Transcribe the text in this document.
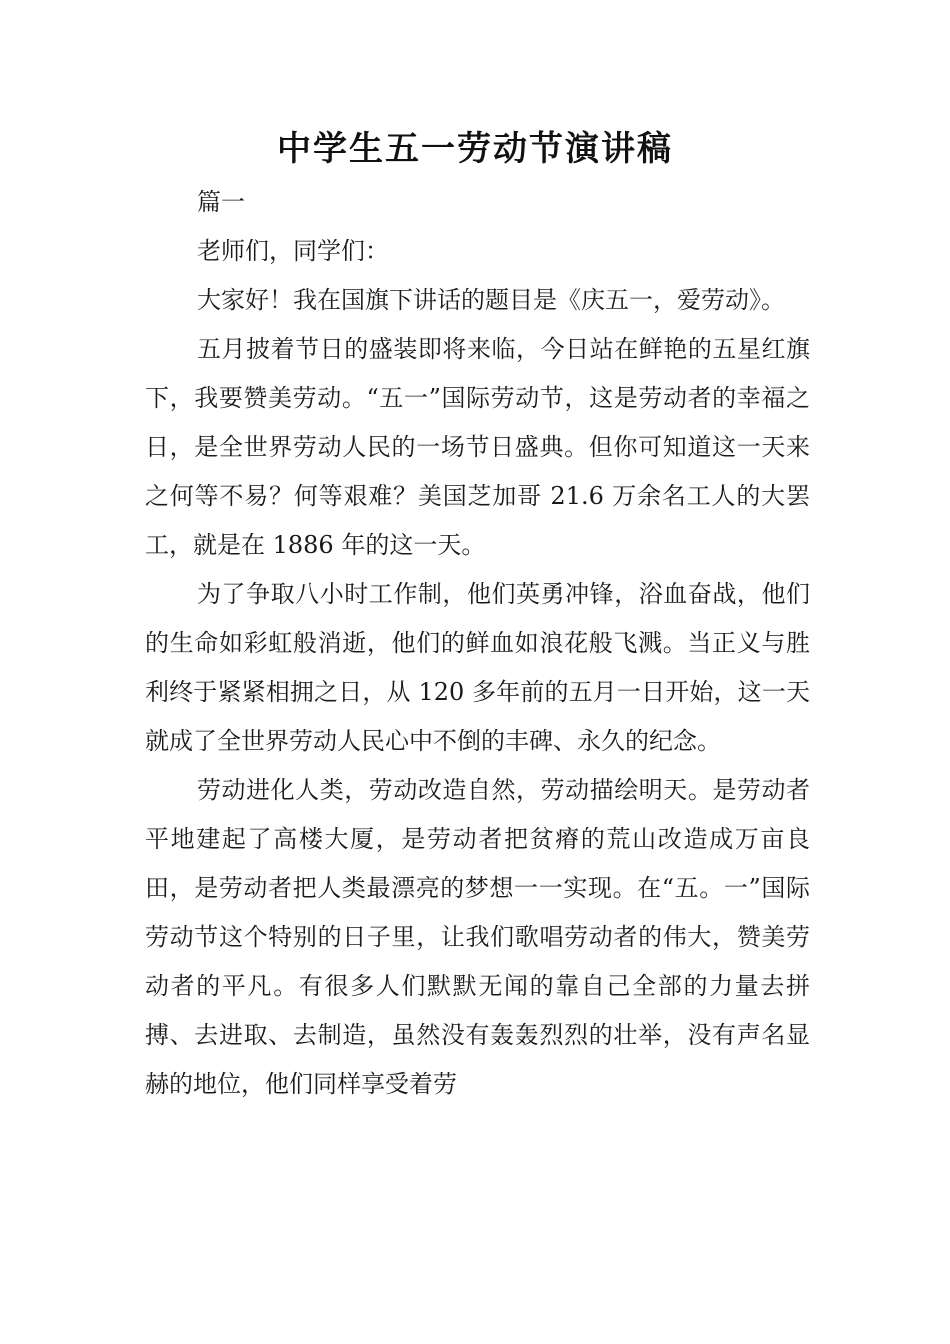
中学生五一劳动节演讲稿

篇一

老师们，同学们：

大家好！我在国旗下讲话的题目是《庆五一，爱劳动》。

五月披着节日的盛装即将来临，今日站在鲜艳的五星红旗下，我要赞美劳动。“五一”国际劳动节，这是劳动者的幸福之日，是全世界劳动人民的一场节日盛典。但你可知道这一天来之何等不易？何等艰难？美国芝加哥 21.6 万余名工人的大罢工，就是在 1886 年的这一天。

为了争取八小时工作制，他们英勇冲锋，浴血奋战，他们的生命如彩虹般消逝，他们的鲜血如浪花般飞溅。当正义与胜利终于紧紧相拥之日，从 120 多年前的五月一日开始，这一天就成了全世界劳动人民心中不倒的丰碑、永久的纪念。

劳动进化人类，劳动改造自然，劳动描绘明天。是劳动者平地建起了高楼大厦，是劳动者把贫瘠的荒山改造成万亩良田，是劳动者把人类最漂亮的梦想一一实现。在“五。一”国际劳动节这个特别的日子里，让我们歌唱劳动者的伟大，赞美劳动者的平凡。有很多人们默默无闻的靠自己全部的力量去拼搏、去进取、去制造，虽然没有轰轰烈烈的壮举，没有声名显赫的地位，他们同样享受着劳
